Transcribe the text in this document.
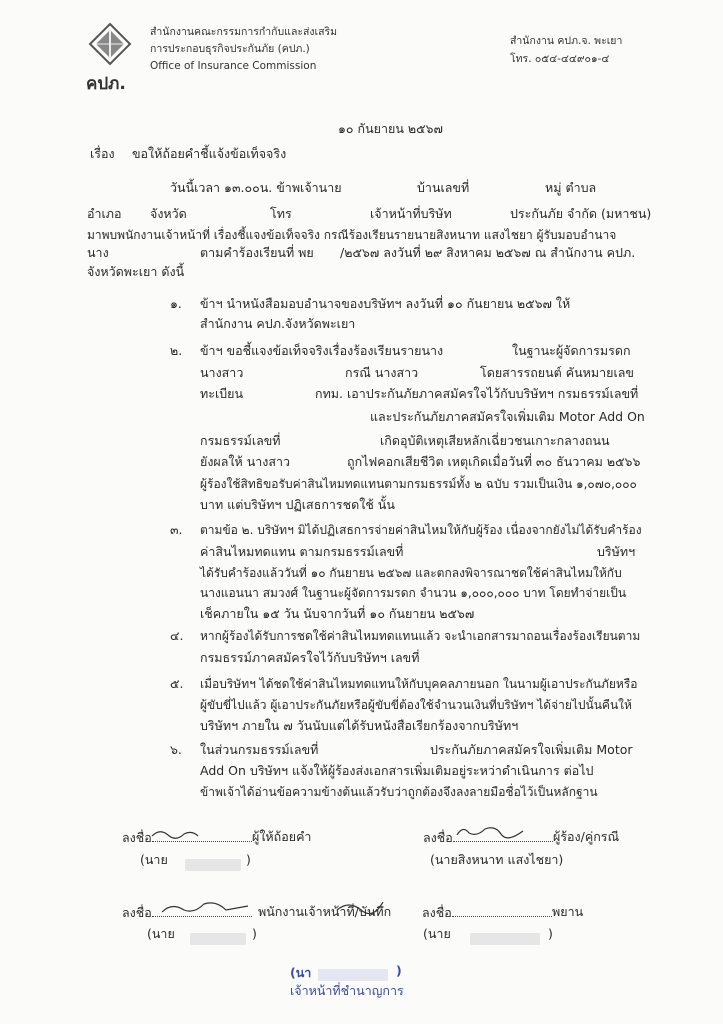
คปภ.
สำนักงานคณะกรรมการกำกับและส่งเสริม
การประกอบธุรกิจประกันภัย (คปภ.)
Office of Insurance Commission
สำนักงาน คปภ.จ. พะเยา
โทร. ๐๕๔-๔๔๙๐๑-๔
๑๐ กันยายน ๒๕๖๗
เรื่อง ขอให้ถ้อยคำชี้แจ้งข้อเท็จจริง
วันนี้เวลา ๑๓.๐๐น. ข้าพเจ้านาย	บ้านเลขที่	หมู่ ตำบล
อำเภอ จังหวัด	โทร	เจ้าหน้าที่บริษัท	ประกันภัย จำกัด (มหาชน)
มาพบพนักงานเจ้าหน้าที่ เรื่องชี้แจงข้อเท็จจริง กรณีร้องเรียนรายนายสิงหนาท แสงไชยา ผู้รับมอบอำนาจ
นาง	ตามคำร้องเรียนที่ พย /๒๕๖๗ ลงวันที่ ๒๙ สิงหาคม ๒๕๖๗ ณ สำนักงาน คปภ.
จังหวัดพะเยา ดังนี้
๑. ข้าฯ นำหนังสือมอบอำนาจของบริษัทฯ ลงวันที่ ๑๐ กันยายน ๒๕๖๗ ให้
สำนักงาน คปภ.จังหวัดพะเยา
๒. ข้าฯ ขอชี้แจงข้อเท็จจริงเรื่องร้องเรียนรายนาง	ในฐานะผู้จัดการมรดก
นางสาว	กรณี นางสาว	โดยสารรถยนต์ คันหมายเลข
ทะเบียน	กทม. เอาประกันภัยภาคสมัครใจไว้กับบริษัทฯ กรมธรรม์เลขที่
และประกันภัยภาคสมัครใจเพิ่มเติม Motor Add On
กรมธรรม์เลขที่	เกิดอุบัติเหตุเสียหลักเฉี่ยวชนเกาะกลางถนน
ยังผลให้ นางสาว	ถูกไฟคอกเสียชีวิต เหตุเกิดเมื่อวันที่ ๓๐ ธันวาคม ๒๕๖๖
ผู้ร้องใช้สิทธิขอรับค่าสินไหมทดแทนตามกรมธรรม์ทั้ง ๒ ฉบับ รวมเป็นเงิน ๑,๐๗๐,๐๐๐
บาท แต่บริษัทฯ ปฏิเสธการชดใช้ นั้น
๓. ตามข้อ ๒. บริษัทฯ มิได้ปฏิเสธการจ่ายค่าสินไหมให้กับผู้ร้อง เนื่องจากยังไม่ได้รับคำร้อง
ค่าสินไหมทดแทน ตามกรมธรรม์เลขที่	บริษัทฯ
ได้รับคำร้องแล้ววันที่ ๑๐ กันยายน ๒๕๖๗ และตกลงพิจารณาชดใช้ค่าสินไหมให้กับ
นางแอนนา สมวงศ์ ในฐานะผู้จัดการมรดก จำนวน ๑,๐๐๐,๐๐๐ บาท โดยทำจ่ายเป็น
เช็คภายใน ๑๕ วัน นับจากวันที่ ๑๐ กันยายน ๒๕๖๗
๔. หากผู้ร้องได้รับการชดใช้ค่าสินไหมทดแทนแล้ว จะนำเอกสารมาถอนเรื่องร้องเรียนตาม
กรมธรรม์ภาคสมัครใจไว้กับบริษัทฯ เลขที่
๕. เมื่อบริษัทฯ ได้ชดใช้ค่าสินไหมทดแทนให้กับบุคคลภายนอก ในนามผู้เอาประกันภัยหรือ
ผู้ขับขี่ไปแล้ว ผู้เอาประกันภัยหรือผู้ขับขี่ต้องใช้จำนวนเงินที่บริษัทฯ ได้จ่ายไปนั้นคืนให้
บริษัทฯ ภายใน ๗ วันนับแต่ได้รับหนังสือเรียกร้องจากบริษัทฯ
๖. ในส่วนกรมธรรม์เลขที่	ประกันภัยภาคสมัครใจเพิ่มเติม Motor
Add On บริษัทฯ แจ้งให้ผู้ร้องส่งเอกสารเพิ่มเติมอยู่ระหว่าดำเนินการ ต่อไป
ข้าพเจ้าได้อ่านข้อความข้างต้นแล้วรับว่าถูกต้องจึงลงลายมือชื่อไว้เป็นหลักฐาน
ลงชื่อ	ผู้ให้ถ้อยคำ
(นาย	)
ลงชื่อ	ผู้ร้อง/คู่กรณี
(นายสิงหนาท แสงไชยา)
ลงชื่อ	พนักงานเจ้าหน้าที่/บันทึก
(นาย	)
ลงชื่อ	พยาน
(นาย	)
(นา	)
เจ้าหน้าที่ชำนาญการ
